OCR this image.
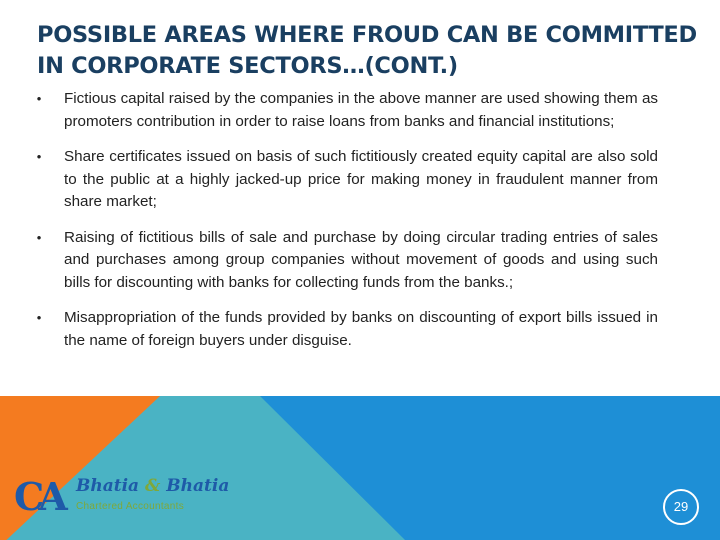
POSSIBLE AREAS WHERE FROUD CAN BE COMMITTED
IN CORPORATE SECTORS…(CONT.)
•	Fictious capital raised by the companies in the above manner are used showing them as promoters contribution in order to raise loans from banks and financial institutions;
•	Share certificates issued on basis of such fictitiously created equity capital are also sold to the public at a highly jacked-up price for making money in fraudulent manner from share market;
•	Raising of fictitious bills of sale and purchase by doing circular trading entries of sales and purchases among group companies without movement of goods and using such bills for discounting with banks for collecting funds from the banks.;
•	Misappropriation of the funds provided by banks on discounting of export bills issued in the name of foreign buyers under disguise.
CA Bhatia & Bhatia
Chartered Accountants	29
